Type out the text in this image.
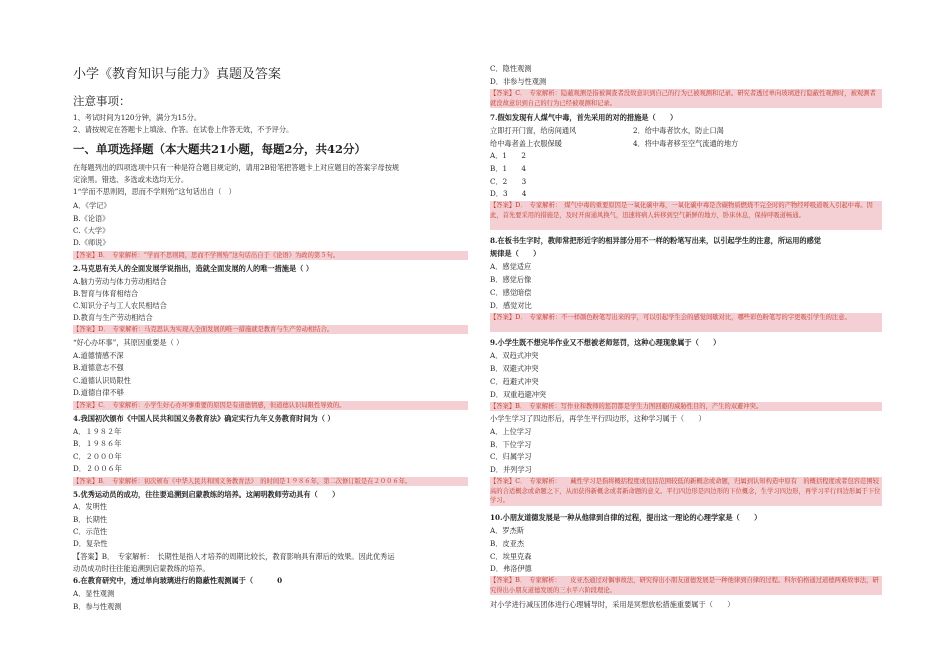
小学《教育知识与能力》真题及答案
注意事项：
1、考试时间为120分钟，满分为15分。
2、请按规定在答题卡上填涂、作答。在试卷上作答无效，不予评分。
一、单项选择题（本大题共21小题，每题2分，共42分）
在每题列出的四项选项中只有一种是符合题目规定的，请用2B铅笔把答题卡上对应题目的答案字母按规
定涂黑。错选、多选或未选均无分。
1“学而不思则罔，思而不学则殆”这句话出自（　）
A．《学记》
B.《论语》
C.《大学》
D.《师说》
【答案】B．　专家解析：“学而不思则罔，思而不学则殆”这句话出自于《论语》为政的第５句。
2.马克思有关人的全面发展学说指出，造就全面发展的人的唯一措施是（ ）
A.脑力劳动与体力劳动相结合
B.智育与体育相结合
C.知识分子与工人农民相结合
D.教育与生产劳动相结合
【答案】D．　专家解析：马克思认为实现人全面发展的唯一措施就是教育与生产劳动相结合。
“好心办坏事”，其原因重要是（ ）
A.道德情感不深
B.道德意志不强
C.道德认识局限性
D.道德自律不够
【答案】C．　专家解析：小学生好心办坏事重要的原因是有道德情感，但道德认识局限性导致的。
4.我国初次颁布《中国人民共和国义务教育法》确定实行九年义务教育时间为（ ）
A．１９８２年
B．１９８６年
C．２０００年
D．２００６年
【答案】B．　专家解析：初次颁布《中华人民共和国义务教育法》　的时间是１９８６年，第二次修订版是在２００６年。
5.优秀运动员的成功，往往要追溯到启蒙教练的培养。这阐明教师劳动具有（　　）
A．发明性
B．长期性
C．示范性
D．复杂性
【答案】B．　专家解析：　长期性是指人才培养的周期比较长，教育影响具有滞后的效果。因此优秀运
动员成功时往往能追溯到启蒙教练的培养。
6.在教育研究中，透过单向玻璃进行的隐蔽性观测属于（　　　 0
A．显性观测
B．参与性观测
C．隐性观测
D．非参与性观测
【答案】C．　专家解析：隐蔽观测是指被调查者没故意识到自己的行为已被观测和记录。研究者透过单向玻璃进行隐蔽性观测时，被观测者就没故意识到自己的行为已经被观测和记录。
7.假如发现有人煤气中毒，首先采用的对的措施是（　　）
立即打开门窗，给房间通风	2．给中毒者饮水，防止口渴
给中毒者盖上衣服保暖	4．将中毒者移至空气流通的地方
A．1　　2
B．1　　4
C．2　　3
D．3　　4
【答案】D．　专家解析：　煤气中毒的重要原因是一氧化碳中毒，一氧化碳中毒是含碳物质燃烧不完全时的产物经呼吸道吸入引起中毒。因此，首先要采用的措施是，及时开窗通风换气，迅速将病人转移到空气新鲜的地方，卧床休息，保持呼吸道畅通。
8.在板书生字时，教师常把形近字的相异部分用不一样的粉笔写出来，以引起学生的注意，所运用的感觉
规律是（　　）
A．感觉适应
B．感觉后像
C．感觉暗偿
D．感觉对比
【答案】D．　专家解析：不一样颜色粉笔写出来的字，可以引起学生会的感觉间歇对比，哪些彩色粉笔写的字更吸引学生的注意。
9.小学生既不想完毕作业又不想被老师惩罚，这种心理现象属于（　　）
A．双趋式冲突
B．双避式冲突
C．趋避式冲突
D．双重趋避冲突
【答案】B．　专家解析：写作业和教师的惩罚都是学生力图回避的威胁性目的，产生的双避冲突。
小学生学习了四边形后，再学生平行四边形，这种学习属于（　　）
A．上位学习
B．下位学习
C．归属学习
D．并列学习
【答案】C．　专家解析：　　藏性学习是指将概括程度或包括范围较低的新概念或命题，归属到认知构造中原有　的概括程度或者包容范围较高的合适概念或命题之下，从而获得新概念或者新命题的意义。平行四边形是四边形的下位概念，生学习四边形，再学习平行四边形属于下位学习。
10.小朋友道德发展是一种从他律到自律的过程，提出这一理论的心理学家是（　　）
A．罗杰斯
B．皮亚杰
C．埃里克森
D．弗洛伊德
【答案】B．　专家解析：　　皮亚杰通过对偶事故法，研究得出小朋友道德发展是一种他律到自律的过程。科尔伯格通过道德两难故事法，研究得出小朋友道德发展的三水平六阶段理论。
对小学进行减压团体进行心理辅导时，采用是冥想放松措施重要属于（　　）
